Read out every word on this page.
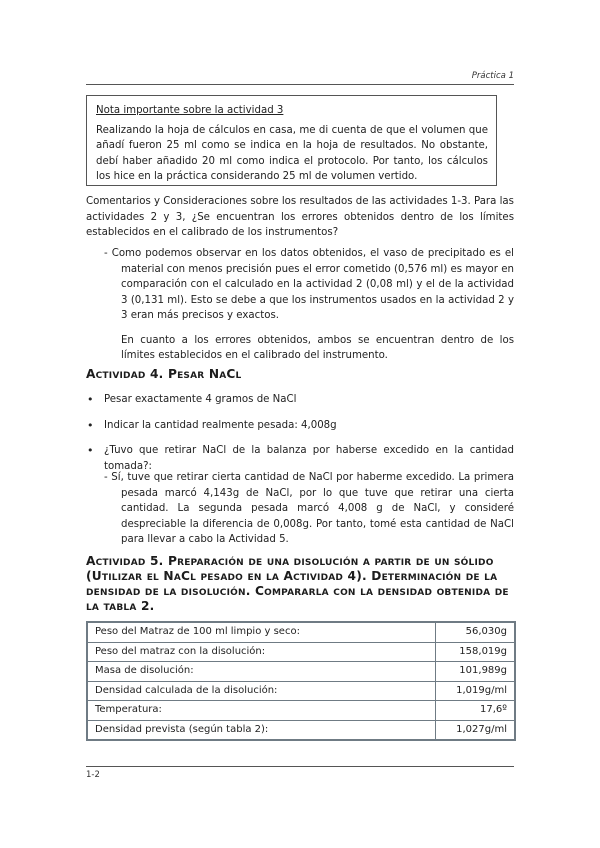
Práctica 1
Nota importante sobre la actividad 3
Realizando la hoja de cálculos en casa, me di cuenta de que el volumen que añadí fueron 25 ml como se indica en la hoja de resultados. No obstante, debí haber añadido 20 ml como indica el protocolo. Por tanto, los cálculos los hice en la práctica considerando 25 ml de volumen vertido.
Comentarios y Consideraciones sobre los resultados de las actividades 1-3. Para las actividades 2 y 3, ¿Se encuentran los errores obtenidos dentro de los límites establecidos en el calibrado de los instrumentos?
- Como podemos observar en los datos obtenidos, el vaso de precipitado es el material con menos precisión pues el error cometido (0,576 ml) es mayor en comparación con el calculado en la actividad 2 (0,08 ml) y el de la actividad 3 (0,131 ml). Esto se debe a que los instrumentos usados en la actividad 2 y 3 eran más precisos y exactos.
En cuanto a los errores obtenidos, ambos se encuentran dentro de los límites establecidos en el calibrado del instrumento.
Actividad 4. Pesar NaCl
• Pesar exactamente 4 gramos de NaCl
• Indicar la cantidad realmente pesada: 4,008g
• ¿Tuvo que retirar NaCl de la balanza por haberse excedido en la cantidad tomada?:
- Sí, tuve que retirar cierta cantidad de NaCl por haberme excedido. La primera pesada marcó 4,143g de NaCl, por lo que tuve que retirar una cierta cantidad. La segunda pesada marcó 4,008 g de NaCl, y consideré despreciable la diferencia de 0,008g. Por tanto, tomé esta cantidad de NaCl para llevar a cabo la Actividad 5.
Actividad 5. Preparación de una disolución a partir de un sólido (Utilizar el NaCl pesado en la Actividad 4). Determinación de la densidad de la disolución. Compararla con la densidad obtenida de la tabla 2.
Peso del Matraz de 100 ml limpio y seco:	56,030g
Peso del matraz con la disolución:	158,019g
Masa de disolución:	101,989g
Densidad calculada de la disolución:	1,019g/ml
Temperatura:	17,6º
Densidad prevista (según tabla 2):	1,027g/ml
1-2
